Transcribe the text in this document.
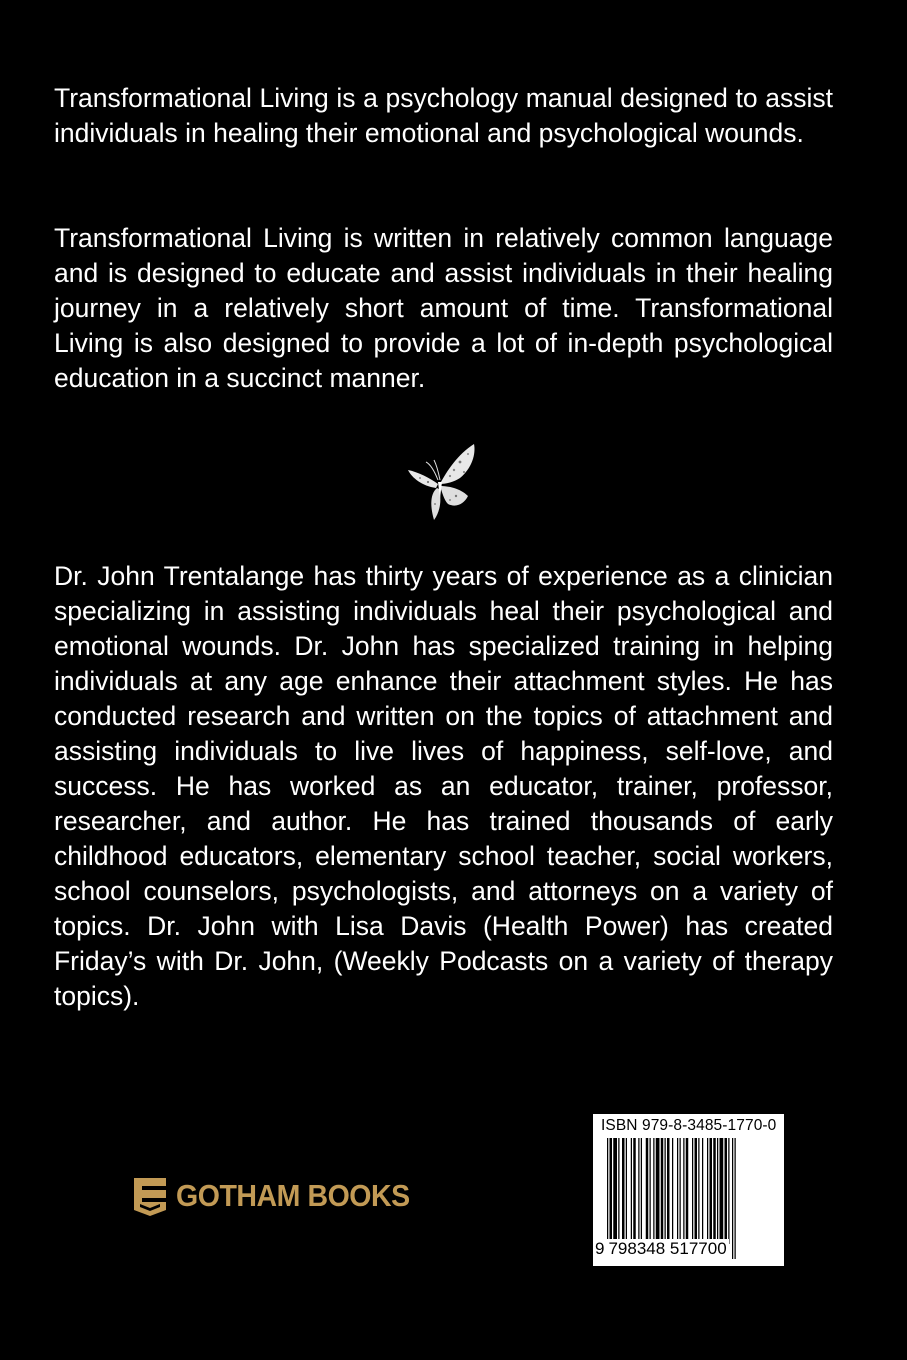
Transformational Living is a psychology manual designed to assist individuals in healing their emotional and psychological wounds.

Transformational Living is written in relatively common language and is designed to educate and assist individuals in their healing journey in a relatively short amount of time. Transformational Living is also designed to provide a lot of in-depth psychological education in a succinct manner.

Dr. John Trentalange has thirty years of experience as a clinician specializing in assisting individuals heal their psychological and emotional wounds. Dr. John has specialized training in helping individuals at any age enhance their attachment styles. He has conducted research and written on the topics of attachment and assisting individuals to live lives of happiness, self-love, and success. He has worked as an educator, trainer, professor, researcher, and author. He has trained thousands of early childhood educators, elementary school teacher, social workers, school counselors, psychologists, and attorneys on a variety of topics. Dr. John with Lisa Davis (Health Power) has created Friday’s with Dr. John, (Weekly Podcasts on a variety of therapy topics).

GOTHAM BOOKS
ISBN 979-8-3485-1770-0
9 798348 517700
